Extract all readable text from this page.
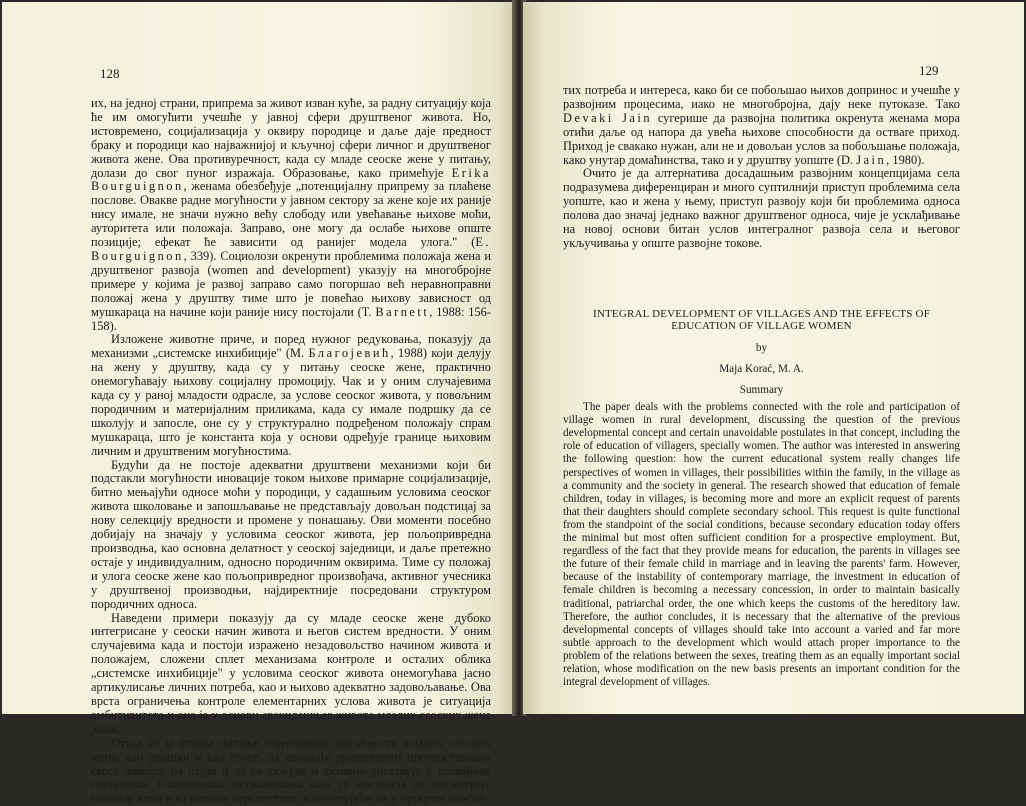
128

их, на једној страни, припрема за живот изван куће, за радну ситуацију која ће им омогућити учешће у јавној сфери друштвеног живота. Но, истовремено, социјализација у оквиру породице и даље даје предност браку и породици као најважнијој и кључној сфери личног и друштвеног живота жене. Ова противуречност, када су младе сеоске жене у питању, долази до свог пуног изражаја. Образовање, како примећује Erika Bourguignon, женама обезбеђује „потенцијалну припрему за плаћене послове. Овакве радне могућности у јавном сектору за жене које их раније нису имале, не значи нужно већу слободу или увећавање њихове моћи, ауторитета или положаја. Заправо, оне могу да ослабе њихове опште позиције; ефекат ће зависити од ранијег модела улога." (E. Bourguignon, 339). Социолози окренути проблемима положаја жена и друштвеног развоја (women and development) указују на многобројне примере у којима је развој заправо само погоршао већ неравноправни положај жена у друштву тиме што је повећао њихову зависност од мушкараца на начине који раније нису постојали (T. Barnett, 1988: 156-158).

Изложене животне приче, и поред нужног редуковања, показују да механизми „системске инхибиције" (М. Благојевић, 1988) који делују на жену у друштву, када су у питању сеоске жене, практично онемогућавају њихову социјалну промоцију. Чак и у оним случајевима када су у раној младости одрасле, за услове сеоског живота, у повољним породичним и материјалним приликама, када су имале подршку да се школују и запосле, оне су у структурално подређеном положају спрам мушкараца, што је константа која у основи одређује границе њиховим личним и друштвеним могућностима.

Будући да не постоје адекватни друштвени механизми који би подстакли могућности иновације током њихове примарне социјализације, битно мењајући односе моћи у породици, у садашњим условима сеоског живота школовање и запошљавање не представљају довољан подстицај за нову селекцију вредности и промене у понашању. Ови моменти посебно добијају на значају у условима сеоског живота, јер пољопривредна производња, као основна делатност у сеоској заједници, и даље претежно остаје у индивидуалним, односно породичним оквирима. Тиме су положај и улога сеоске жене као пољопривредног произвођача, активног учесника у друштвеној производњи, најдиректније посредовани структуром породичних односа.

Наведени примери показују да су младе сеоске жене дубоко интегрисане у сеоски начин живота и његов систем вредности. У оним случајевима када и постоји изражено незадовољство начином живота и положајем, сложени сплет механизама контроле и осталих облика „системске инхибиције" у условима сеоског живота онемогућава јасно артикулисање личних потреба, као и њихово адекватно задовољавање. Ова врста ограничења контроле елементарних услова живота је ситуација амбитивитета и она је у основи свакидашњег живота младих сеоских жена данас.

Отуда се и отвара питање објективних могућности младих сеоских жена, као јединки и као групе, да овладају друштвеним претпоставкама свога живота, па отуда и да се укључе и активно учествују у развојним процесима. Социолошка истраживања која су настојала да посматрају положај жена и из њихове перспективе, консултујући их у процени власти-

129

тих потреба и интереса, како би се побољшао њихов допринос и учешће у развојним процесима, иако не многобројна, дају неке путоказе. Тако Devaki Jain сугерише да развојна политика окренута женама мора отићи даље од напора да увећа њихове способности да оствare приход. Приход је свакако нужан, али не и довољан услов за побољшање положаја, како унутар домаћинства, тако и у друштву уопште (D. Jain, 1980).

Очито је да алтернатива досадашњим развојним концепцијама села подразумева диференциран и много суптилнији приступ проблемима села уопште, као и жена у њему, приступ развоју који би проблемима односа полова дао значај једнако важног друштвеног односа, чије је усклађивање на новој основи битан услов интегралног развоја села и његовог укључивања у опште развојне токове.

INTEGRAL DEVELOPMENT OF VILLAGES AND THE EFFECTS OF EDUCATION OF VILLAGE WOMEN
by
Maja Korać, M. A.
Summary
The paper deals with the problems connected with the role and participation of village women in rural development, discussing the question of the previous developmental concept and certain unavoidable postulates in that concept, including the role of education of villagers, specially women. The author was interested in answering the following question: how the current educational system really changes life perspectives of women in villages, their possibilities within the family, in the village as a community and the society in general. The research showed that education of female children, today in villages, is becoming more and more an explicit request of parents that their daughters should complete secondary school. This request is quite functional from the standpoint of the social conditions, because secondary education today offers the minimal but most often sufficient condition for a prospective employment. But, regardless of the fact that they provide means for education, the parents in villages see the future of their female child in marriage and in leaving the parents' farm. However, because of the instability of contemporary marriage, the investment in education of female children is becoming a necessary concession, in order to maintain basically traditional, patriarchal order, the one which keeps the customs of the hereditory law. Therefore, the author concludes, it is necessary that the alternative of the previous developmental concepts of villages should take into account a varied and far more subtle approach to the development which would attach proper importance to the problem of the relations between the sexes, treating them as an equally important social relation, whose modification on the new basis presents an important condition for the integral development of villages.
